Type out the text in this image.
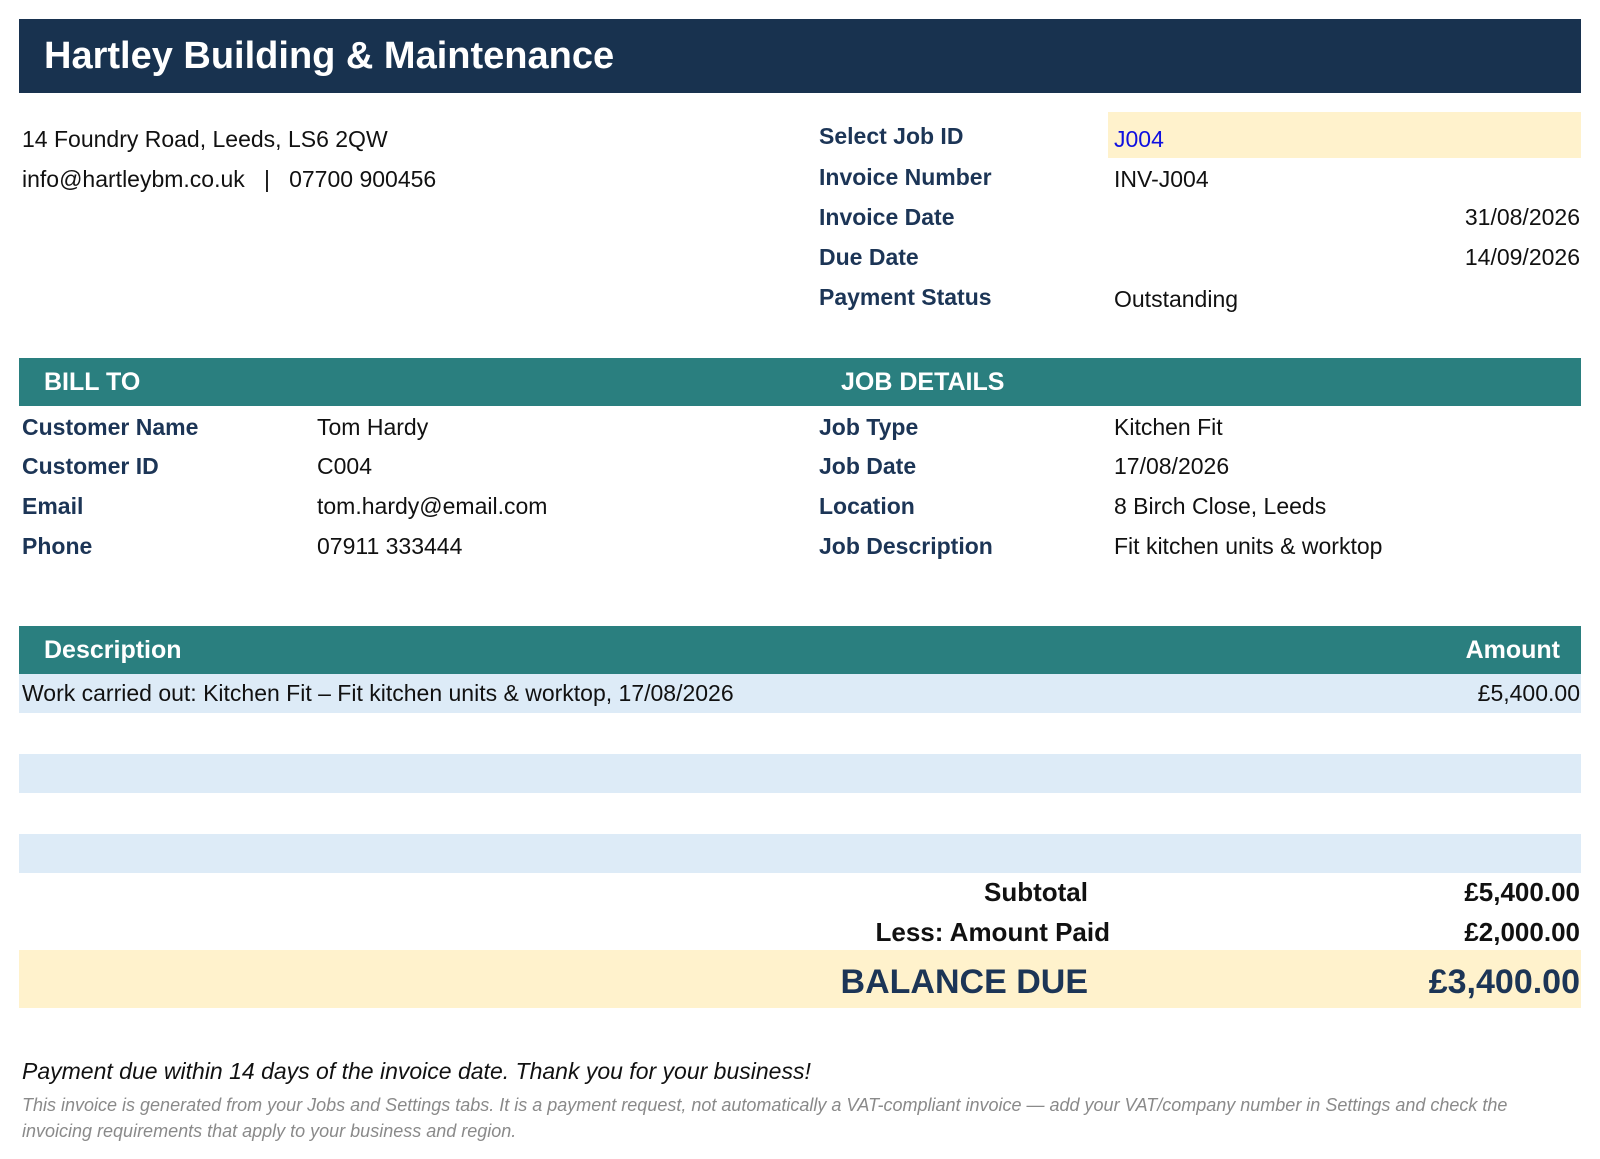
Hartley Building & Maintenance
14 Foundry Road, Leeds, LS6 2QW
info@hartleybm.co.uk   |   07700 900456
Select Job ID	J004
Invoice Number	INV-J004
Invoice Date	31/08/2026
Due Date	14/09/2026
Payment Status	Outstanding
BILL TO	JOB DETAILS
Customer Name	Tom Hardy
Customer ID	C004
Email	tom.hardy@email.com
Phone	07911 333444
Job Type	Kitchen Fit
Job Date	17/08/2026
Location	8 Birch Close, Leeds
Job Description	Fit kitchen units & worktop
Description	Amount
Work carried out: Kitchen Fit – Fit kitchen units & worktop, 17/08/2026	£5,400.00
Subtotal	£5,400.00
Less: Amount Paid	£2,000.00
BALANCE DUE	£3,400.00
Payment due within 14 days of the invoice date. Thank you for your business!
This invoice is generated from your Jobs and Settings tabs. It is a payment request, not automatically a VAT-compliant invoice — add your VAT/company number in Settings and check the invoicing requirements that apply to your business and region.
